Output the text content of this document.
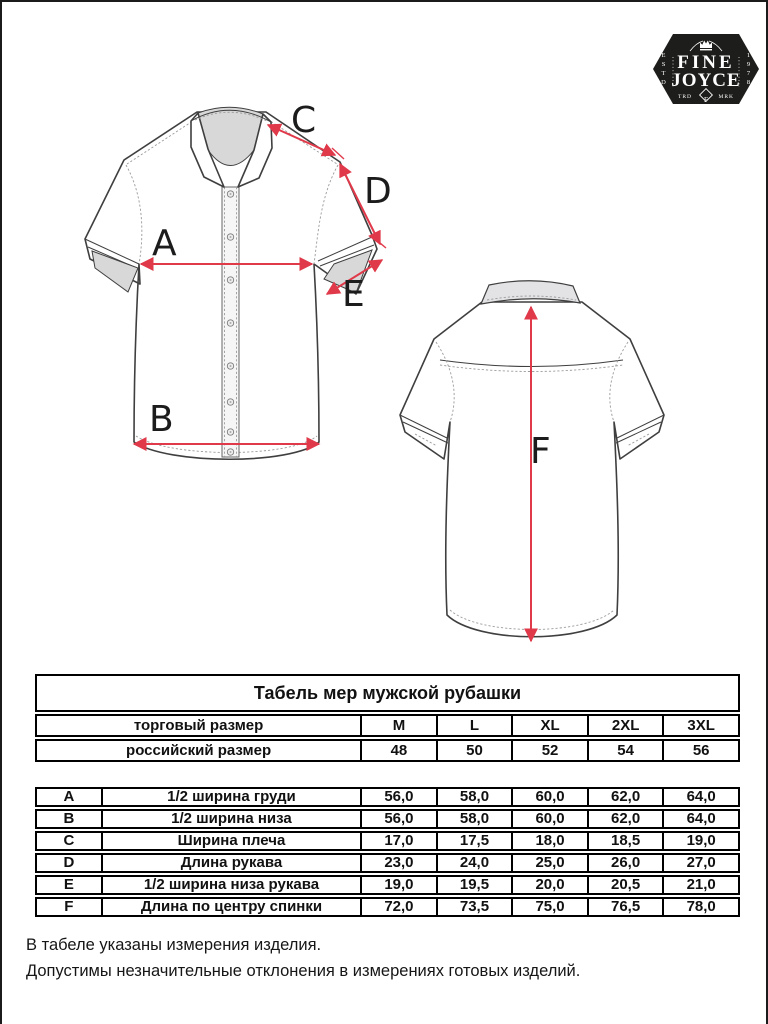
FINE
JOYCE
ESTD	1978
TRD	MRK
F
A
B
C
D
E
F
Табель мер мужской рубашки
торговый размер	M	L	XL	2XL	3XL
российский размер	48	50	52	54	56
A	1/2 ширина груди	56,0	58,0	60,0	62,0	64,0
B	1/2 ширина низа	56,0	58,0	60,0	62,0	64,0
C	Ширина плеча	17,0	17,5	18,0	18,5	19,0
D	Длина рукава	23,0	24,0	25,0	26,0	27,0
E	1/2 ширина низа рукава	19,0	19,5	20,0	20,5	21,0
F	Длина по центру спинки	72,0	73,5	75,0	76,5	78,0
В табеле указаны измерения изделия.
Допустимы незначительные отклонения в измерениях готовых изделий.
